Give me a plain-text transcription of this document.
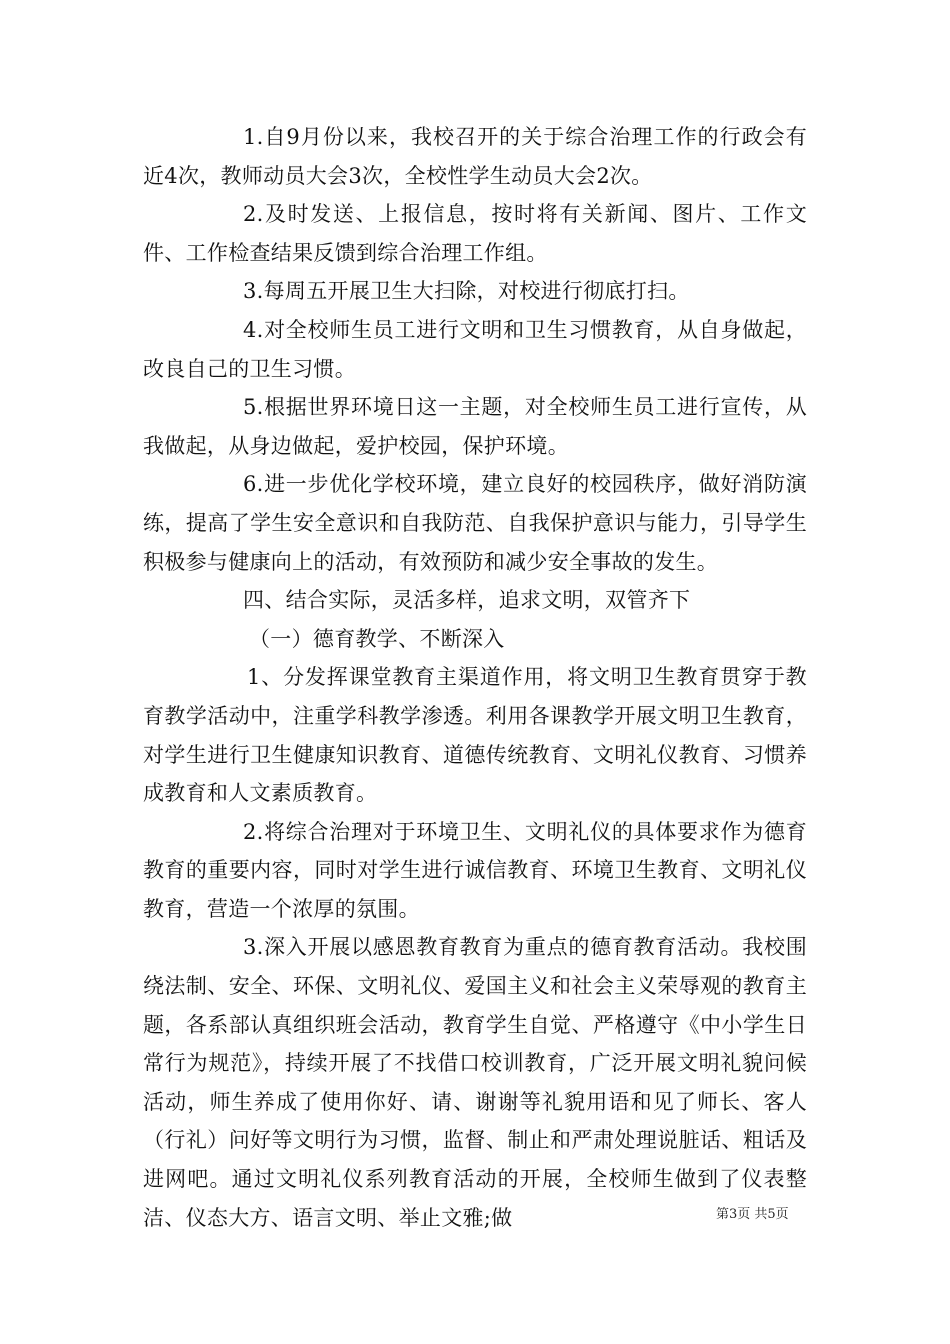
1.自9月份以来，我校召开的关于综合治理工作的行政会有近4次，教师动员大会3次，全校性学生动员大会2次。

2.及时发送、上报信息，按时将有关新闻、图片、工作文件、工作检查结果反馈到综合治理工作组。

3.每周五开展卫生大扫除，对校进行彻底打扫。

4.对全校师生员工进行文明和卫生习惯教育，从自身做起，改良自己的卫生习惯。

5.根据世界环境日这一主题，对全校师生员工进行宣传，从我做起，从身边做起，爱护校园，保护环境。

6.进一步优化学校环境，建立良好的校园秩序，做好消防演练，提高了学生安全意识和自我防范、自我保护意识与能力，引导学生积极参与健康向上的活动，有效预防和减少安全事故的发生。

四、结合实际，灵活多样，追求文明，双管齐下

（一）德育教学、不断深入

1、分发挥课堂教育主渠道作用，将文明卫生教育贯穿于教育教学活动中，注重学科教学渗透。利用各课教学开展文明卫生教育，对学生进行卫生健康知识教育、道德传统教育、文明礼仪教育、习惯养成教育和人文素质教育。

2.将综合治理对于环境卫生、文明礼仪的具体要求作为德育教育的重要内容，同时对学生进行诚信教育、环境卫生教育、文明礼仪教育，营造一个浓厚的氛围。

3.深入开展以感恩教育教育为重点的德育教育活动。我校围绕法制、安全、环保、文明礼仪、爱国主义和社会主义荣辱观的教育主题，各系部认真组织班会活动，教育学生自觉、严格遵守《中小学生日常行为规范》，持续开展了不找借口校训教育，广泛开展文明礼貌问候活动，师生养成了使用你好、请、谢谢等礼貌用语和见了师长、客人（行礼）问好等文明行为习惯，监督、制止和严肃处理说脏话、粗话及进网吧。通过文明礼仪系列教育活动的开展，全校师生做到了仪表整洁、仪态大方、语言文明、举止文雅;做	第3页 共5页
